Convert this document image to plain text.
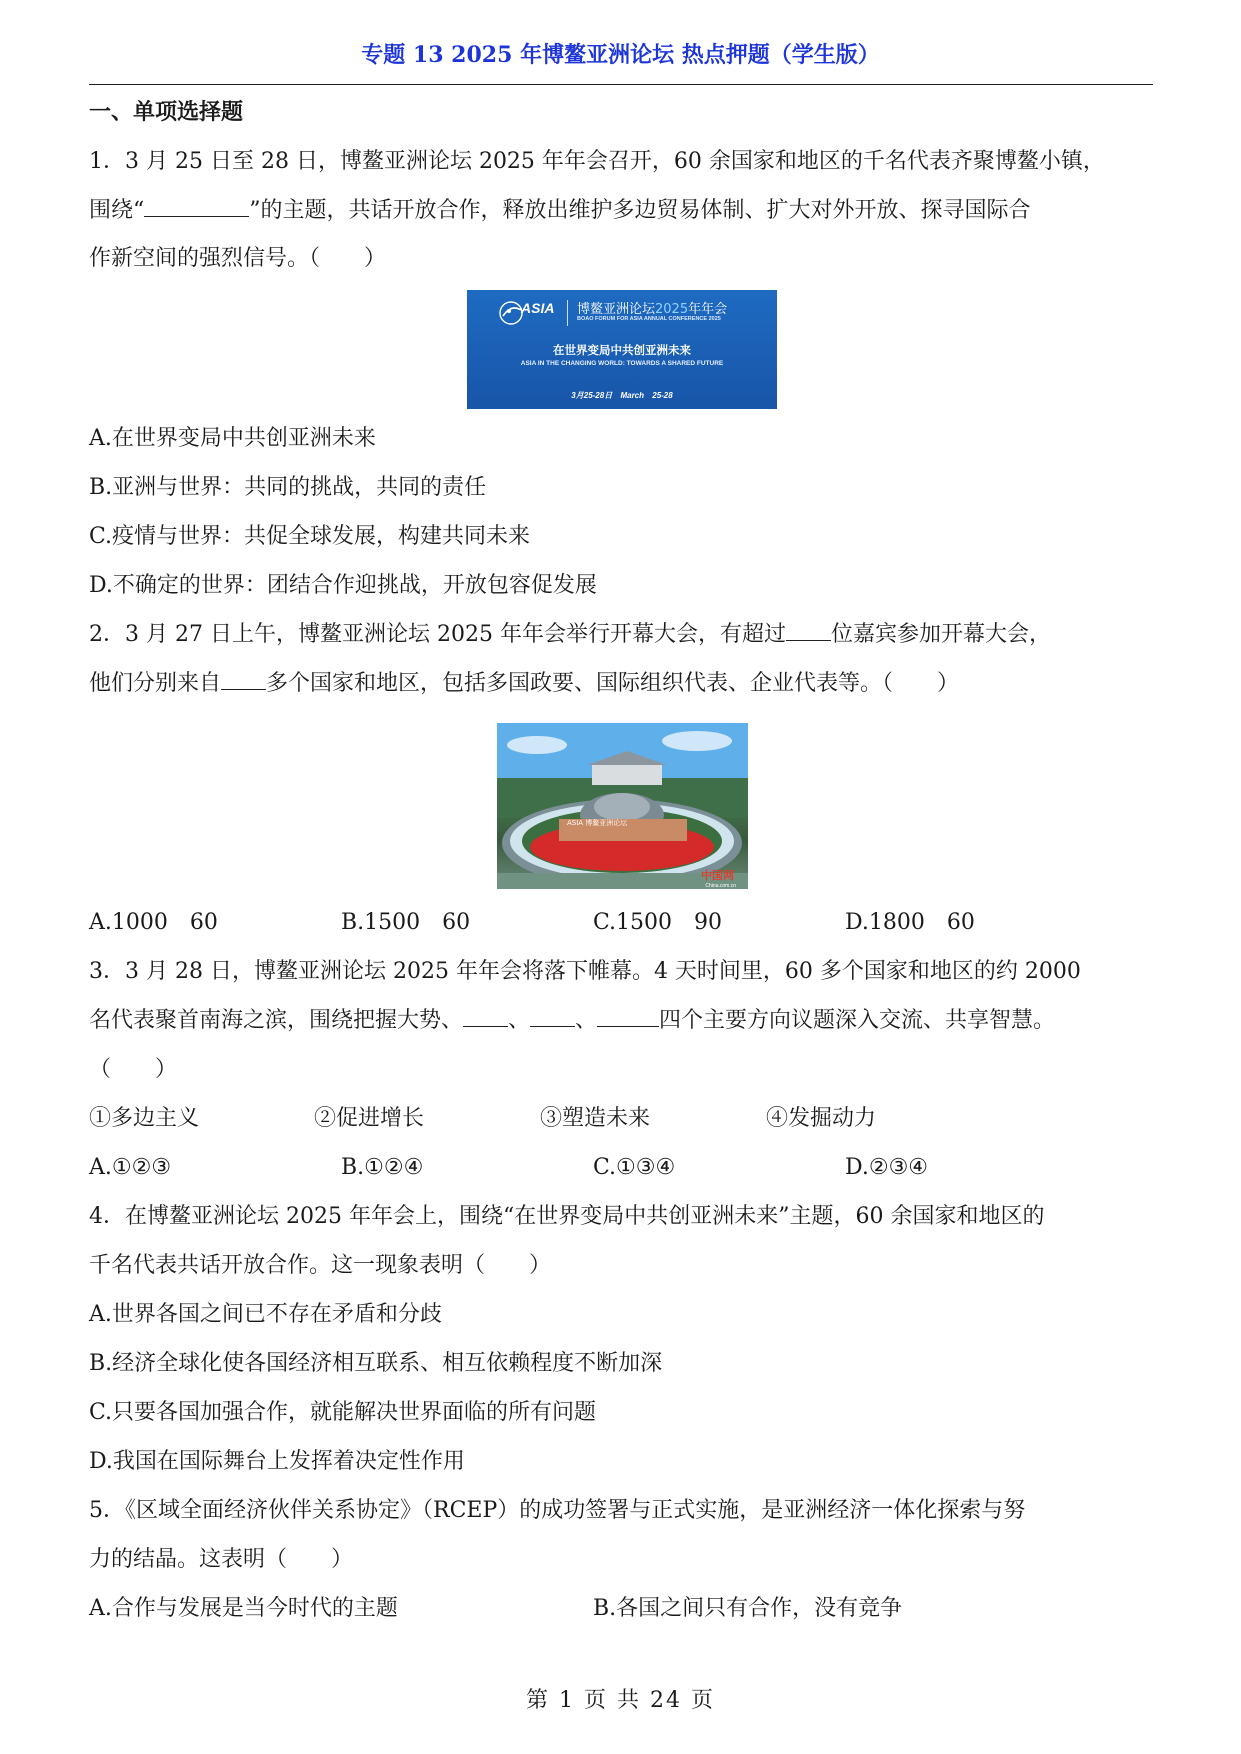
专题 13 2025 年博鳌亚洲论坛 热点押题（学生版）
一、单项选择题
1．3 月 25 日至 28 日，博鳌亚洲论坛 2025 年年会召开，60 余国家和地区的千名代表齐聚博鳌小镇，
围绕“	”的主题，共话开放合作，释放出维护多边贸易体制、扩大对外开放、探寻国际合
作新空间的强烈信号。（　　）
ASIA 博鳌亚洲论坛2025年年会
BOAO FORUM FOR ASIA ANNUAL CONFERENCE 2025
在世界变局中共创亚洲未来
ASIA IN THE CHANGING WORLD: TOWARDS A SHARED FUTURE
3月25-28日 March 25-28
A.在世界变局中共创亚洲未来
B.亚洲与世界：共同的挑战，共同的责任
C.疫情与世界：共促全球发展，构建共同未来
D.不确定的世界：团结合作迎挑战，开放包容促发展
2．3 月 27 日上午，博鳌亚洲论坛 2025 年年会举行开幕大会，有超过 位嘉宾参加开幕大会，
他们分别来自 多个国家和地区，包括多国政要、国际组织代表、企业代表等。（　　）
ASIA 博鳌亚洲论坛
中国网
China.com.cn
A.1000　60	B.1500　60	C.1500　90	D.1800　60
3．3 月 28 日，博鳌亚洲论坛 2025 年年会将落下帷幕。4 天时间里，60 多个国家和地区的约 2000
名代表聚首南海之滨，围绕把握大势、 、 、	四个主要方向议题深入交流、共享智慧。
（　　）
①多边主义	②促进增长	③塑造未来	④发掘动力
A.①②③	B.①②④	C.①③④	D.②③④
4．在博鳌亚洲论坛 2025 年年会上，围绕“在世界变局中共创亚洲未来”主题，60 余国家和地区的
千名代表共话开放合作。这一现象表明（　　）
A.世界各国之间已不存在矛盾和分歧
B.经济全球化使各国经济相互联系、相互依赖程度不断加深
C.只要各国加强合作，就能解决世界面临的所有问题
D.我国在国际舞台上发挥着决定性作用
5．《区域全面经济伙伴关系协定》（RCEP）的成功签署与正式实施，是亚洲经济一体化探索与努
力的结晶。这表明（　　）
A.合作与发展是当今时代的主题	B.各国之间只有合作，没有竞争
第 1 页 共 24 页
